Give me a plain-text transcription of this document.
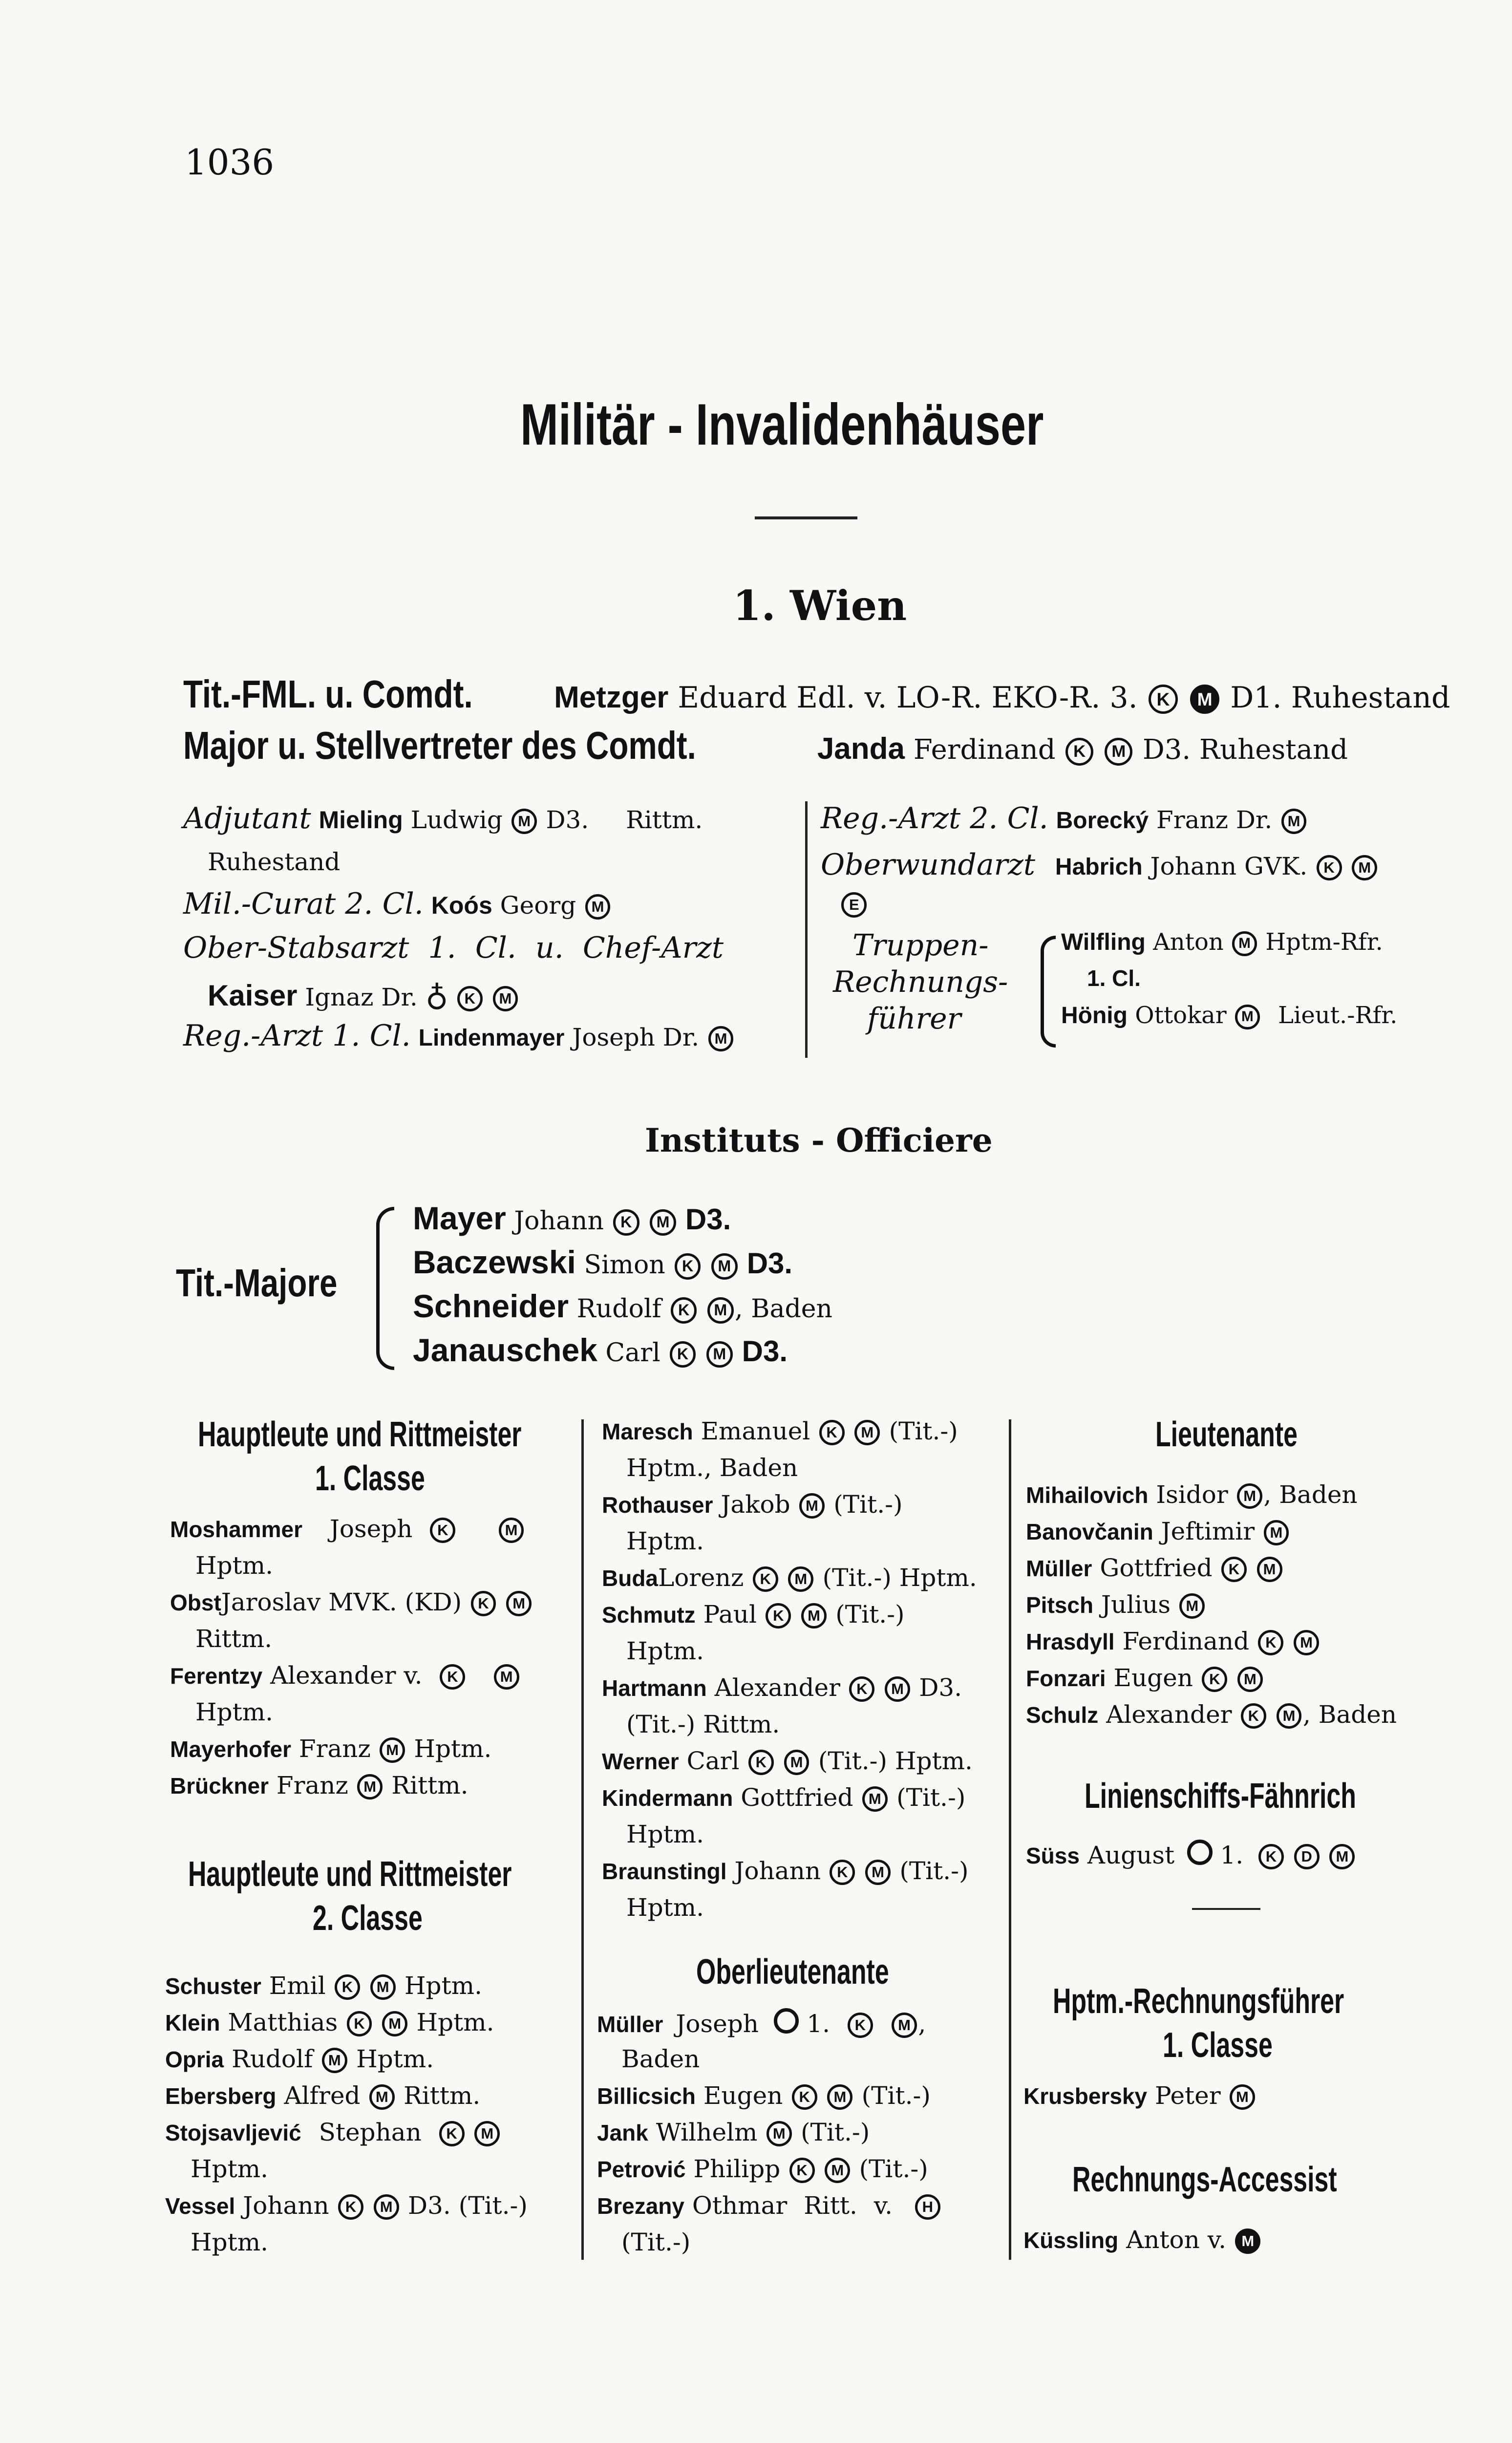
1036
Militär - Invalidenhäuser
1. Wien
Tit.-FML. u. Comdt.	Metzger Eduard Edl. v. LO-R. EKO-R. 3. K M D1. Ruhestand
Major u. Stellvertreter des Comdt.	Janda Ferdinand K M D3. Ruhestand
Adjutant Mieling Ludwig M D3. Rittm.
Ruhestand
Mil.-Curat 2. Cl. Koós Georg M
Ober-Stabsarzt 1. Cl. u. Chef-Arzt
Kaiser Ignaz Dr. ♁ K M
Reg.-Arzt 1. Cl. Lindenmayer Joseph Dr. M
Reg.-Arzt 2. Cl. Borecký Franz Dr. M
Oberwundarzt Habrich Johann GVK. K M
E
Truppen-
Rechnungs-
führer
Wilfling Anton M Hptm-Rfr.
1. Cl.
Hönig Ottokar M Lieut.-Rfr.
Instituts - Officiere
Tit.-Majore
Mayer Johann K M D3.
Baczewski Simon K M D3.
Schneider Rudolf K M , Baden
Janauschek Carl K M D3.
Hauptleute und Rittmeister
1. Classe
Moshammer Joseph K	M
Hptm.
ObstJaroslav MVK. (KD) K M
Rittm.
Ferentzy Alexander v. K	M
Hptm.
Mayerhofer Franz M Hptm.
Brückner Franz M Rittm.
Hauptleute und Rittmeister
2. Classe
Schuster Emil K M Hptm.
Klein Matthias K M Hptm.
Opria Rudolf M Hptm.
Ebersberg Alfred M Rittm.
Stojsavljević Stephan K M
Hptm.
Vessel Johann K M D3. (Tit.-)
Hptm.
Maresch Emanuel K M (Tit.-)
Hptm., Baden
Rothauser Jakob M (Tit.-)
Hptm.
BudaLorenz K M (Tit.-) Hptm.
Schmutz Paul K M (Tit.-)
Hptm.
Hartmann Alexander K M D3.
(Tit.-) Rittm.
Werner Carl K M (Tit.-) Hptm.
Kindermann Gottfried M (Tit.-)
Hptm.
Braunstingl Johann K M (Tit.-)
Hptm.
Oberlieutenante
Müller Joseph 1. K M ,
Baden
Billicsich Eugen K M (Tit.-)
Jank Wilhelm M (Tit.-)
Petrović Philipp K M (Tit.-)
Brezany Othmar Ritt. v. H
(Tit.-)
Lieutenante
Mihailovich Isidor M , Baden
Banovčanin Jeftimir M
Müller Gottfried K M
Pitsch Julius M
Hrasdyll Ferdinand K M
Fonzari Eugen K M
Schulz Alexander K M , Baden
Linienschiffs-Fähnrich
Süss August 1. K D M
Hptm.-Rechnungsführer
1. Classe
Krusbersky Peter M
Rechnungs-Accessist
Küssling Anton v. M
